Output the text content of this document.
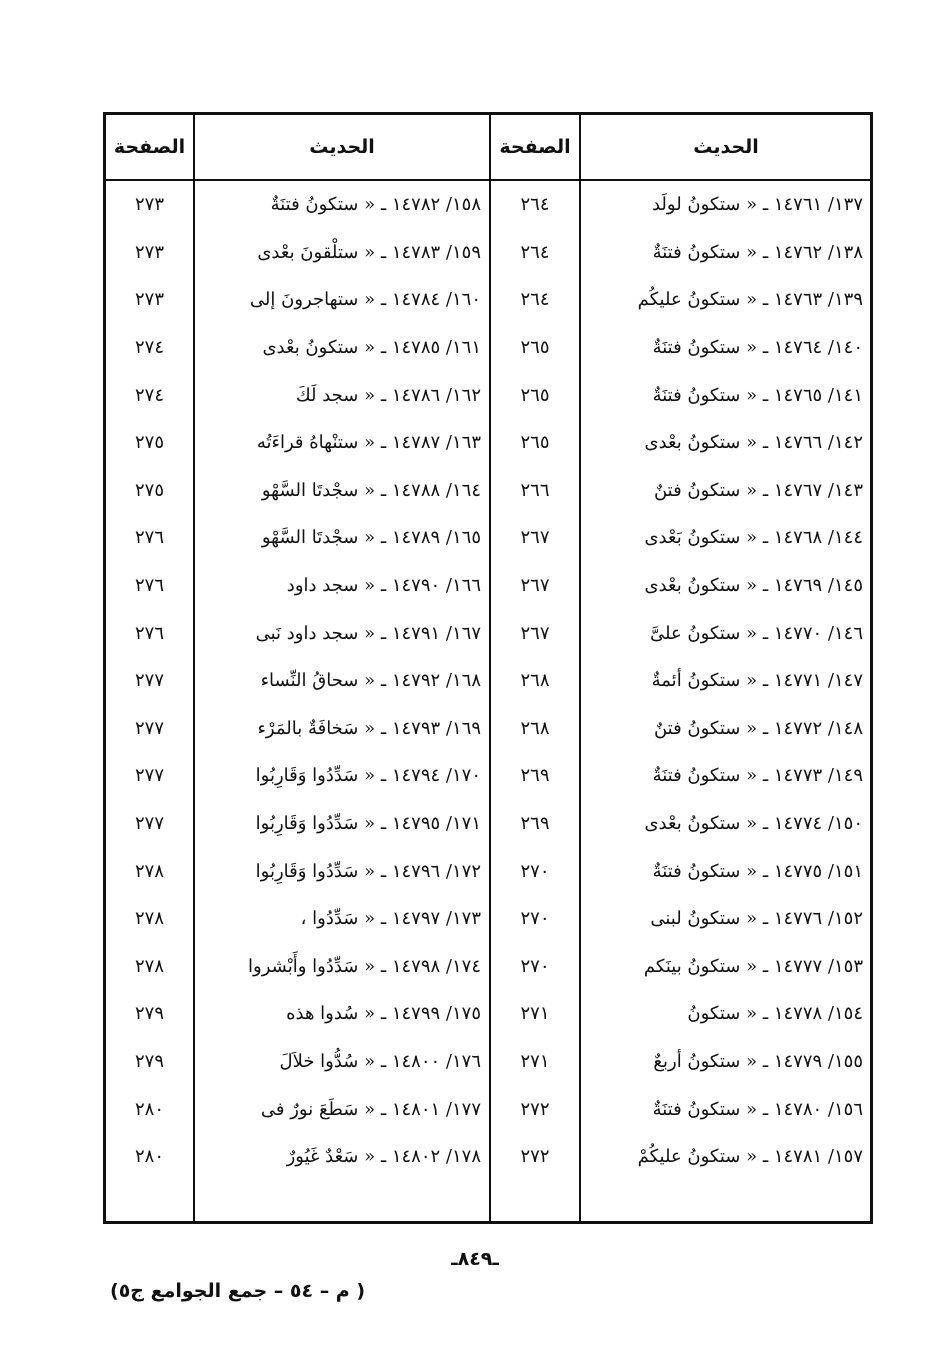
الحديث
الصفحة
الحديث
الصفحة
١٣٧/ ١٤٧٦١ ـ « ستكونُ لولَد
١٣٨/ ١٤٧٦٢ ـ « ستكونُ فتنَةٌ
١٣٩/ ١٤٧٦٣ ـ « ستكونُ عليكُم
١٤٠/ ١٤٧٦٤ ـ « ستكونُ فتنَةٌ
١٤١/ ١٤٧٦٥ ـ « ستكونُ فتنَةٌ
١٤٢/ ١٤٧٦٦ ـ « ستكونُ بعْدى
١٤٣/ ١٤٧٦٧ ـ « ستكونُ فتنٌ
١٤٤/ ١٤٧٦٨ ـ « ستكونُ بَعْدى
١٤٥/ ١٤٧٦٩ ـ « ستكونُ بعْدى
١٤٦/ ١٤٧٧٠ ـ « ستكونُ علىَّ
١٤٧/ ١٤٧٧١ ـ « ستكونُ أئمةٌ
١٤٨/ ١٤٧٧٢ ـ « ستكونُ فتنٌ
١٤٩/ ١٤٧٧٣ ـ « ستكونُ فتنَةٌ
١٥٠/ ١٤٧٧٤ ـ « ستكونُ بعْدى
١٥١/ ١٤٧٧٥ ـ « ستكونُ فتنَةٌ
١٥٢/ ١٤٧٧٦ ـ « ستكونُ لبنى
١٥٣/ ١٤٧٧٧ ـ « ستكونُ بينَكم
١٥٤/ ١٤٧٧٨ ـ « ستكونُ
١٥٥/ ١٤٧٧٩ ـ « ستكونُ أربعٌ
١٥٦/ ١٤٧٨٠ ـ « ستكونُ فتنَةٌ
١٥٧/ ١٤٧٨١ ـ « ستكونُ عليكُمْ
٢٦٤
٢٦٤
٢٦٤
٢٦٥
٢٦٥
٢٦٥
٢٦٦
٢٦٧
٢٦٧
٢٦٧
٢٦٨
٢٦٨
٢٦٩
٢٦٩
٢٧٠
٢٧٠
٢٧٠
٢٧١
٢٧١
٢٧٢
٢٧٢
١٥٨/ ١٤٧٨٢ ـ « ستكونُ فتنَةٌ
١٥٩/ ١٤٧٨٣ ـ « ستلْقونَ بعْدى
١٦٠/ ١٤٧٨٤ ـ « ستهاجرونَ إلى
١٦١/ ١٤٧٨٥ ـ « ستكونُ بعْدى
١٦٢/ ١٤٧٨٦ ـ « سجد لَكَ
١٦٣/ ١٤٧٨٧ ـ « ستنْهاهُ قراءَتُه
١٦٤/ ١٤٧٨٨ ـ « سجْدتَا السَّهْو
١٦٥/ ١٤٧٨٩ ـ « سجْدتَا السَّهْو
١٦٦/ ١٤٧٩٠ ـ « سجد داود
١٦٧/ ١٤٧٩١ ـ « سجد داود نَبى
١٦٨/ ١٤٧٩٢ ـ « سحاقُ النِّساء
١٦٩/ ١٤٧٩٣ ـ « سَخافَةٌ بالمَرْء
١٧٠/ ١٤٧٩٤ ـ « سَدِّدُوا وَقَارِبُوا
١٧١/ ١٤٧٩٥ ـ « سَدِّدُوا وَقَارِبُوا
١٧٢/ ١٤٧٩٦ ـ « سَدِّدُوا وَقَارِبُوا
١٧٣/ ١٤٧٩٧ ـ « سَدِّدُوا ،
١٧٤/ ١٤٧٩٨ ـ « سَدِّدُوا وأَبْشروا
١٧٥/ ١٤٧٩٩ ـ « سُدوا هذه
١٧٦/ ١٤٨٠٠ ـ « سُدُّوا خلاَلَ
١٧٧/ ١٤٨٠١ ـ « سَطَعَ نورٌ فى
١٧٨/ ١٤٨٠٢ ـ « سَعْدٌ غَيُورٌ
٢٧٣
٢٧٣
٢٧٣
٢٧٤
٢٧٤
٢٧٥
٢٧٥
٢٧٦
٢٧٦
٢٧٦
٢٧٧
٢٧٧
٢٧٧
٢٧٧
٢٧٨
٢٧٨
٢٧٨
٢٧٩
٢٧٩
٢٨٠
٢٨٠
ـ٨٤٩ـ
( م – ٥٤ – جمع الجوامع ج٥)
